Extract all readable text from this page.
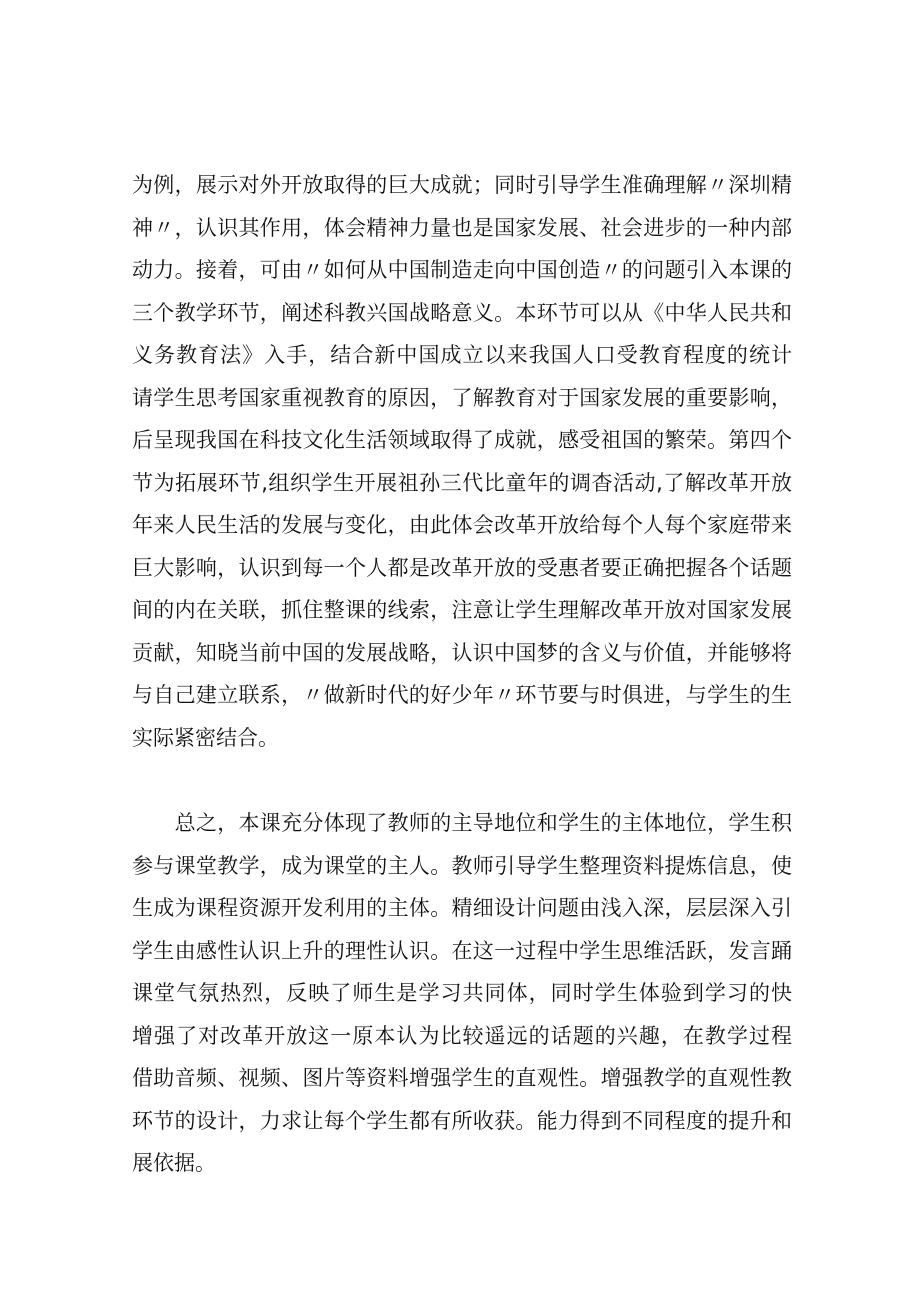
为例，展示对外开放取得的巨大成就；同时引导学生准确理解〃深圳精
神〃，认识其作用，体会精神力量也是国家发展、社会进步的一种内部
动力。接着，可由〃如何从中国制造走向中国创造〃的问题引入本课的
三个教学环节，阐述科教兴国战略意义。本环节可以从《中华人民共和
义务教育法》入手，结合新中国成立以来我国人口受教育程度的统计
请学生思考国家重视教育的原因，了解教育对于国家发展的重要影响，
后呈现我国在科技文化生活领域取得了成就，感受祖国的繁荣。第四个
节为拓展环节,组织学生开展祖孙三代比童年的调杳活动,了解改革开放
年来人民生活的发展与变化，由此体会改革开放给每个人每个家庭带来
巨大影响，认识到每一个人都是改革开放的受惠者要正确把握各个话题
间的内在关联，抓住整课的线索，注意让学生理解改革开放对国家发展
贡献，知晓当前中国的发展战略，认识中国梦的含义与价值，并能够将
与自己建立联系，〃做新时代的好少年〃环节要与时俱进，与学生的生
实际紧密结合。
　　总之，本课充分体现了教师的主导地位和学生的主体地位，学生积
参与课堂教学，成为课堂的主人。教师引导学生整理资料提炼信息，使
生成为课程资源开发利用的主体。精细设计问题由浅入深，层层深入引
学生由感性认识上升的理性认识。在这一过程中学生思维活跃，发言踊
课堂气氛热烈，反映了师生是学习共同体，同时学生体验到学习的快
增强了对改革开放这一原本认为比较遥远的话题的兴趣，在教学过程
借助音频、视频、图片等资料增强学生的直观性。增强教学的直观性教
环节的设计，力求让每个学生都有所收获。能力得到不同程度的提升和
展依据。
